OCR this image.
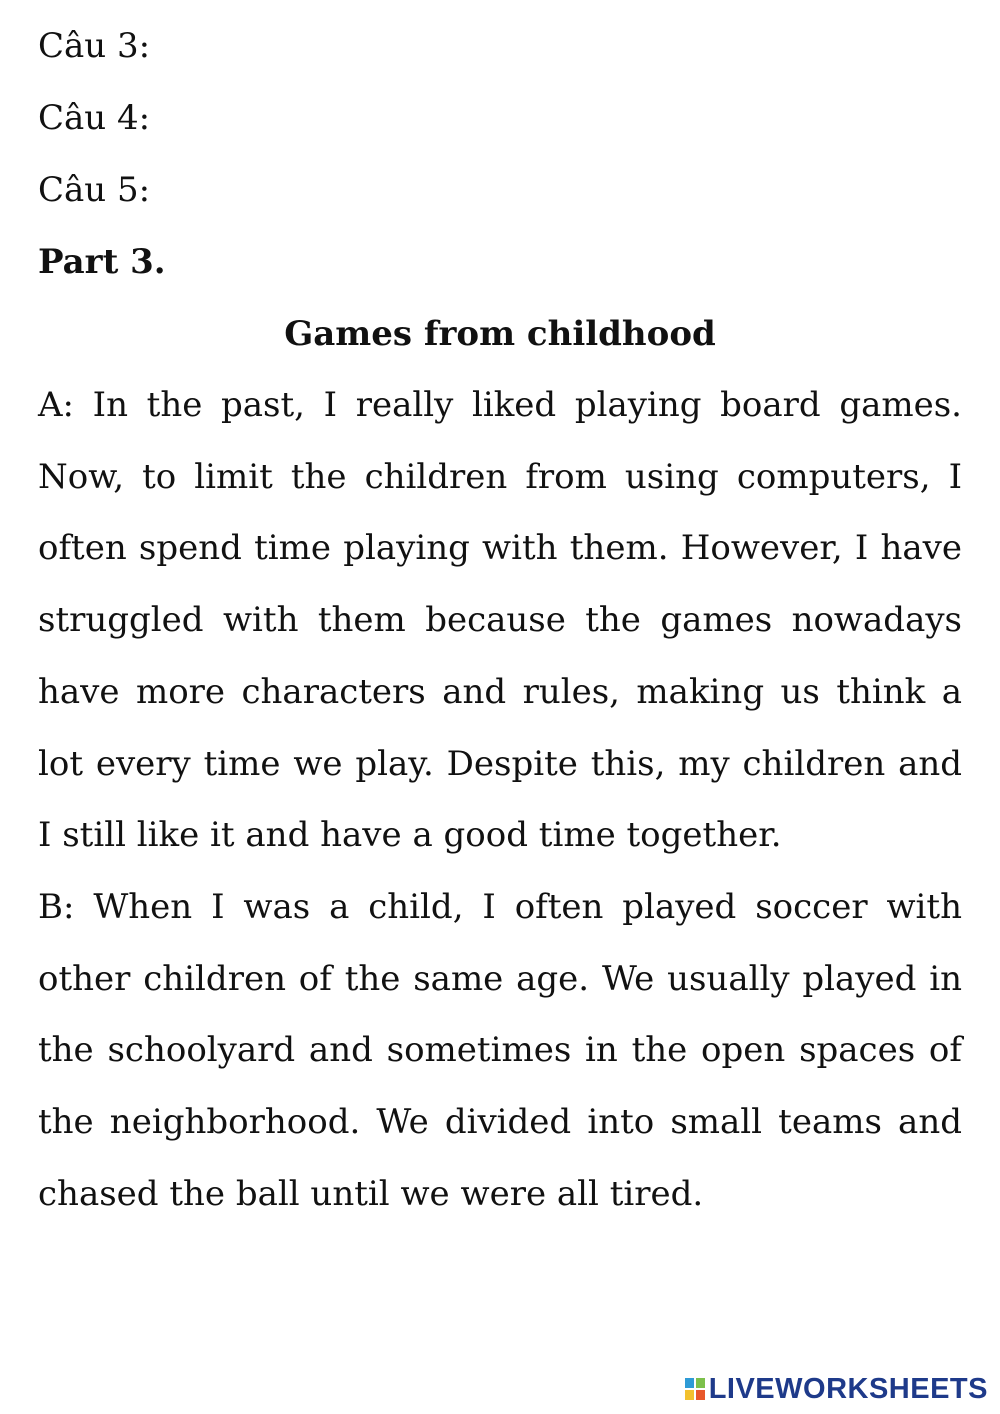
Câu 3:

Câu 4:

Câu 5:

Part 3.

Games from childhood

A: In the past, I really liked playing board games. Now, to limit the children from using computers, I often spend time playing with them. However, I have struggled with them because the games nowadays have more characters and rules, making us think a lot every time we play. Despite this, my children and I still like it and have a good time together.

B: When I was a child, I often played soccer with other children of the same age. We usually played in the schoolyard and sometimes in the open spaces of the neighborhood. We divided into small teams and chased the ball until we were all tired.

LIVEWORKSHEETS
